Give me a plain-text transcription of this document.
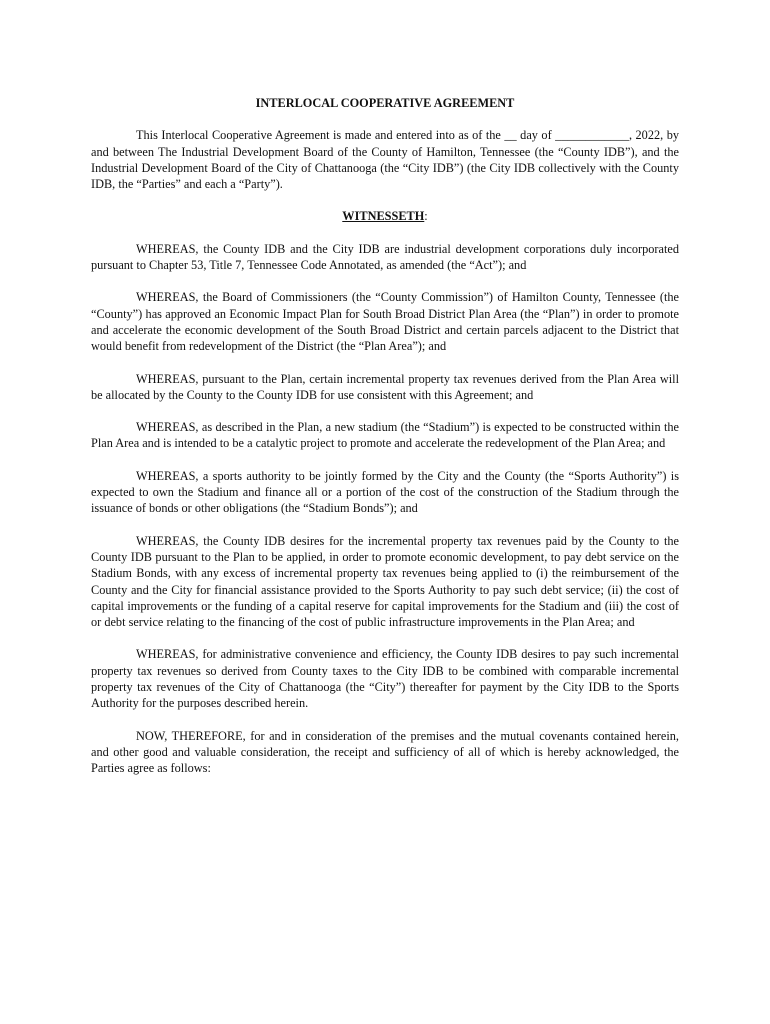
INTERLOCAL COOPERATIVE AGREEMENT

This Interlocal Cooperative Agreement is made and entered into as of the __ day of ____________, 2022, by and between The Industrial Development Board of the County of Hamilton, Tennessee (the “County IDB”), and the Industrial Development Board of the City of Chattanooga (the “City IDB”) (the City IDB collectively with the County IDB, the “Parties” and each a “Party”).

WITNESSETH:

WHEREAS, the County IDB and the City IDB are industrial development corporations duly incorporated pursuant to Chapter 53, Title 7, Tennessee Code Annotated, as amended (the “Act”); and

WHEREAS, the Board of Commissioners (the “County Commission”) of Hamilton County, Tennessee (the “County”) has approved an Economic Impact Plan for South Broad District Plan Area (the “Plan”) in order to promote and accelerate the economic development of the South Broad District and certain parcels adjacent to the District that would benefit from redevelopment of the District (the “Plan Area”); and

WHEREAS, pursuant to the Plan, certain incremental property tax revenues derived from the Plan Area will be allocated by the County to the County IDB for use consistent with this Agreement; and

WHEREAS, as described in the Plan, a new stadium (the “Stadium”) is expected to be constructed within the Plan Area and is intended to be a catalytic project to promote and accelerate the redevelopment of the Plan Area; and

WHEREAS, a sports authority to be jointly formed by the City and the County (the “Sports Authority”) is expected to own the Stadium and finance all or a portion of the cost of the construction of the Stadium through the issuance of bonds or other obligations (the “Stadium Bonds”); and

WHEREAS, the County IDB desires for the incremental property tax revenues paid by the County to the County IDB pursuant to the Plan to be applied, in order to promote economic development, to pay debt service on the Stadium Bonds, with any excess of incremental property tax revenues being applied to (i) the reimbursement of the County and the City for financial assistance provided to the Sports Authority to pay such debt service; (ii) the cost of capital improvements or the funding of a capital reserve for capital improvements for the Stadium and (iii) the cost of or debt service relating to the financing of the cost of public infrastructure improvements in the Plan Area; and

WHEREAS, for administrative convenience and efficiency, the County IDB desires to pay such incremental property tax revenues so derived from County taxes to the City IDB to be combined with comparable incremental property tax revenues of the City of Chattanooga (the “City”) thereafter for payment by the City IDB to the Sports Authority for the purposes described herein.

NOW, THEREFORE, for and in consideration of the premises and the mutual covenants contained herein, and other good and valuable consideration, the receipt and sufficiency of all of which is hereby acknowledged, the Parties agree as follows:
